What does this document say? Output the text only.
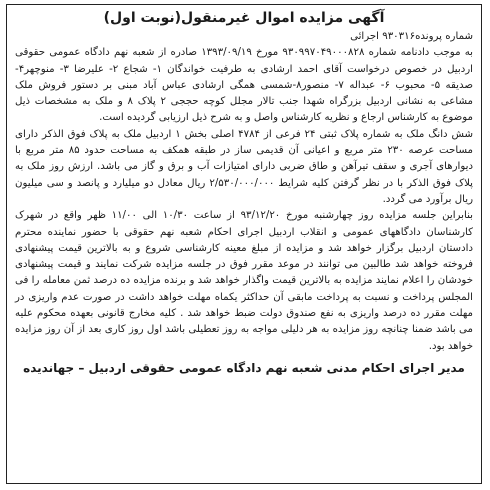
آگهی مزایده اموال غیرمنقول(نوبت اول)

شماره پرونده۹۳۰۳۱۶ اجرائی

به موجب دادنامه شماره ۹۳۰۹۹۷۰۴۹۰۰۰۸۲۸ مورخ ۱۳۹۳/۰۹/۱۹ صادره از شعبه نهم دادگاه عمومی حقوقی اردبیل در خصوص درخواست آقای احمد ارشادی به طرفیت خواندگان ۱- شجاع ۲- علیرضا ۳- منوچهر۴- صدیقه ۵- محبوب ۶- عبداله ۷- منصور۸-شمسی همگی ارشادی عباس آباد مبنی بر دستور فروش ملک مشاعی به نشانی اردبیل بزرگراه شهدا جنب تالار مجلل کوچه حججی ۲ پلاک ۸ و ملک به مشخصات ذیل موضوع به کارشناس ارجاع و نظریه کارشناس واصل و به شرح ذیل ارزیابی گردیده است.

شش دانگ ملک به شماره پلاک ثبتی ۲۴ فرعی از ۴۷۸۴ اصلی بخش ۱ اردبیل ملک به پلاک فوق الذکر دارای مساحت عرصه ۲۳۰ متر مربع و اعیانی آن قدیمی ساز در طبقه همکف به مساحت حدود ۸۵ متر مربع با دیوارهای آجری و سقف تیرآهن و طاق ضربی دارای امتیازات آب و برق و گاز می باشد. ارزش روز ملک به پلاک فوق الذکر با در نظر گرفتن کلیه شرایط ۲/۵۳۰/۰۰۰/۰۰۰ ریال معادل دو میلیارد و پانصد و سی میلیون ریال برآورد می گردد.

بنابراین جلسه مزایده روز چهارشنبه مورخ ۹۳/۱۲/۲۰ از ساعت ۱۰/۳۰ الی ۱۱/۰۰ ظهر واقع در شهرک کارشناسان دادگاههای عمومی و انقلاب اردبیل اجرای احکام شعبه نهم حقوقی با حضور نماینده محترم دادستان اردبیل برگزار خواهد شد و مزایده از مبلغ معینه کارشناسی شروع و به بالاترین قیمت پیشنهادی فروخته خواهد شد طالبین می توانند در موعد مقرر فوق در جلسه مزایده شرکت نمایند و قیمت پیشنهادی خودشان را اعلام نمایند مزایده به بالاترین قیمت واگذار خواهد شد و برنده مزایده ده درصد ثمن معامله را فی المجلس پرداخت و نسبت به پرداخت مابقی آن حداکثر یکماه مهلت خواهد داشت در صورت عدم واریزی در مهلت مقرر ده درصد واریزی به نفع صندوق دولت ضبط خواهد شد . کلیه مخارج قانونی بعهده محکوم علیه می باشد ضمنا چنانچه روز مزایده به هر دلیلی مواجه به روز تعطیلی باشد اول روز کاری بعد از آن روز مزایده خواهد بود.

مدیر اجرای احکام مدنی شعبه نهم دادگاه عمومی حقوقی اردبیل – جهاندیده
